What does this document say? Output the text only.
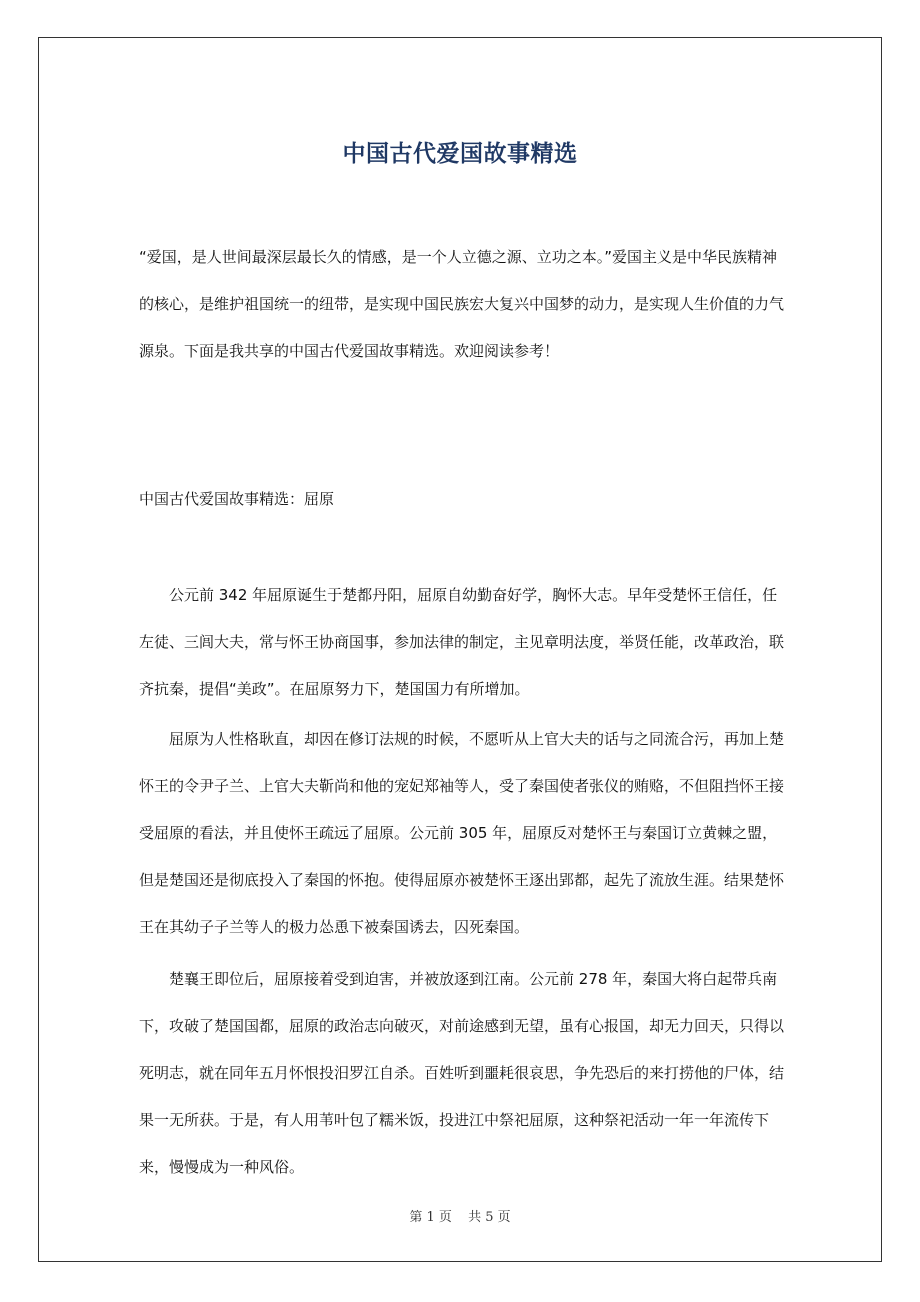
中国古代爱国故事精选

“爱国，是人世间最深层最长久的情感，是一个人立德之源、立功之本。”爱国主义是中华民族精神的核心，是维护祖国统一的纽带，是实现中国民族宏大复兴中国梦的动力，是实现人生价值的力气源泉。下面是我共享的中国古代爱国故事精选。欢迎阅读参考！

中国古代爱国故事精选：屈原

公元前 342 年屈原诞生于楚都丹阳，屈原自幼勤奋好学，胸怀大志。早年受楚怀王信任，任左徒、三闾大夫，常与怀王协商国事，参加法律的制定，主见章明法度，举贤任能，改革政治，联齐抗秦，提倡“美政”。在屈原努力下，楚国国力有所增加。

屈原为人性格耿直，却因在修订法规的时候，不愿听从上官大夫的话与之同流合污，再加上楚怀王的令尹子兰、上官大夫靳尚和他的宠妃郑袖等人，受了秦国使者张仪的贿赂，不但阻挡怀王接受屈原的看法，并且使怀王疏远了屈原。公元前 305 年，屈原反对楚怀王与秦国订立黄棘之盟，但是楚国还是彻底投入了秦国的怀抱。使得屈原亦被楚怀王逐出郢都，起先了流放生涯。结果楚怀王在其幼子子兰等人的极力怂恿下被秦国诱去，囚死秦国。

楚襄王即位后，屈原接着受到迫害，并被放逐到江南。公元前 278 年，秦国大将白起带兵南下，攻破了楚国国都，屈原的政治志向破灭，对前途感到无望，虽有心报国，却无力回天，只得以死明志，就在同年五月怀恨投汨罗江自杀。百姓听到噩耗很哀思，争先恐后的来打捞他的尸体，结果一无所获。于是，有人用苇叶包了糯米饭，投进江中祭祀屈原，这种祭祀活动一年一年流传下来，慢慢成为一种风俗。

第 1 页 共 5 页
